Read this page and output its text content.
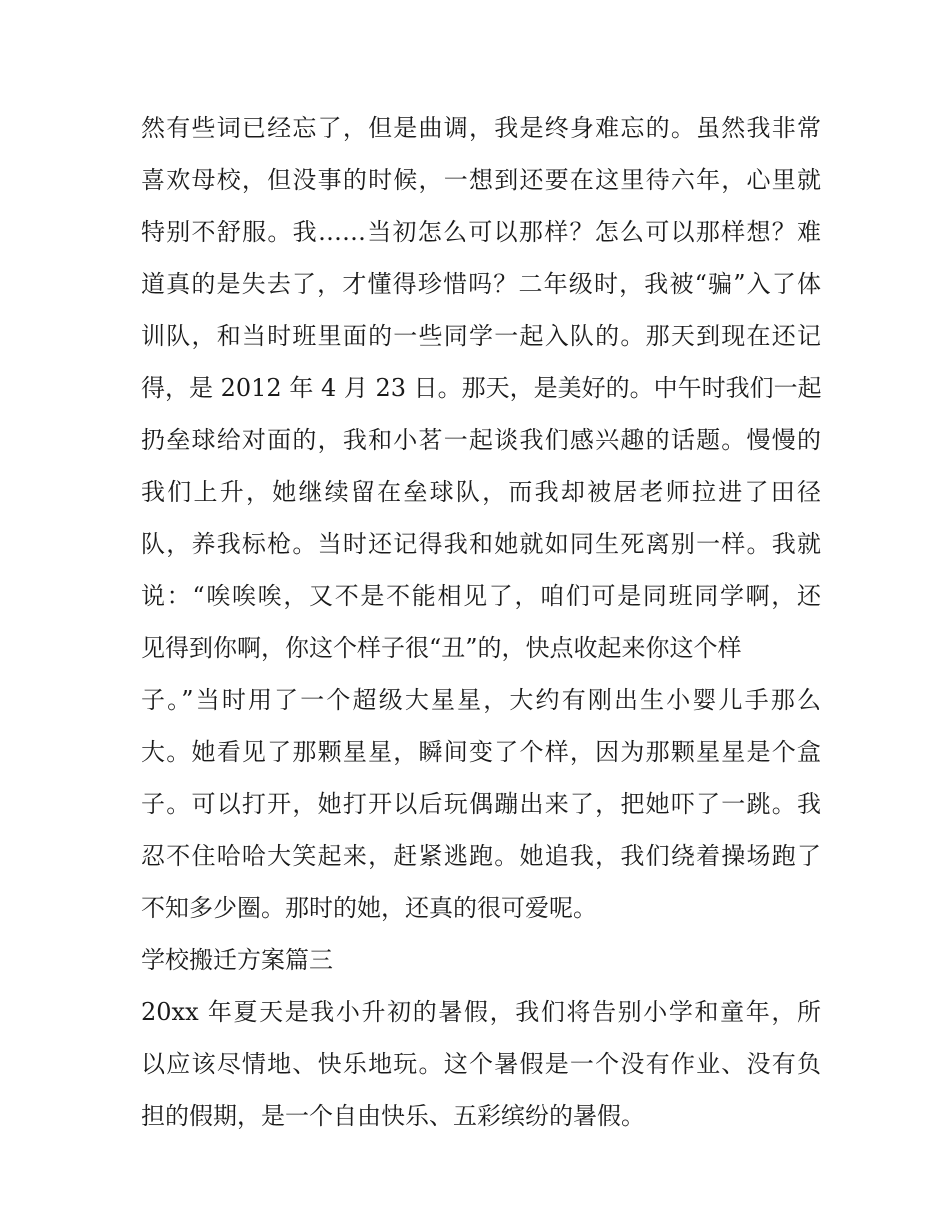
然有些词已经忘了，但是曲调，我是终身难忘的。虽然我非常
喜欢母校，但没事的时候，一想到还要在这里待六年，心里就
特别不舒服。我……当初怎么可以那样？怎么可以那样想？难
道真的是失去了，才懂得珍惜吗？二年级时，我被“骗”入了体
训队，和当时班里面的一些同学一起入队的。那天到现在还记
得，是 2012 年 4 月 23 日。那天，是美好的。中午时我们一起
扔垒球给对面的，我和小茗一起谈我们感兴趣的话题。慢慢的
我们上升，她继续留在垒球队，而我却被居老师拉进了田径
队，养我标枪。当时还记得我和她就如同生死离别一样。我就
说：“唉唉唉，又不是不能相见了，咱们可是同班同学啊，还
见得到你啊，你这个样子很“丑”的，快点收起来你这个样
子。”当时用了一个超级大星星，大约有刚出生小婴儿手那么
大。她看见了那颗星星，瞬间变了个样，因为那颗星星是个盒
子。可以打开，她打开以后玩偶蹦出来了，把她吓了一跳。我
忍不住哈哈大笑起来，赶紧逃跑。她追我，我们绕着操场跑了
不知多少圈。那时的她，还真的很可爱呢。
学校搬迁方案篇三
20xx 年夏天是我小升初的暑假，我们将告别小学和童年，所
以应该尽情地、快乐地玩。这个暑假是一个没有作业、没有负
担的假期，是一个自由快乐、五彩缤纷的暑假。
